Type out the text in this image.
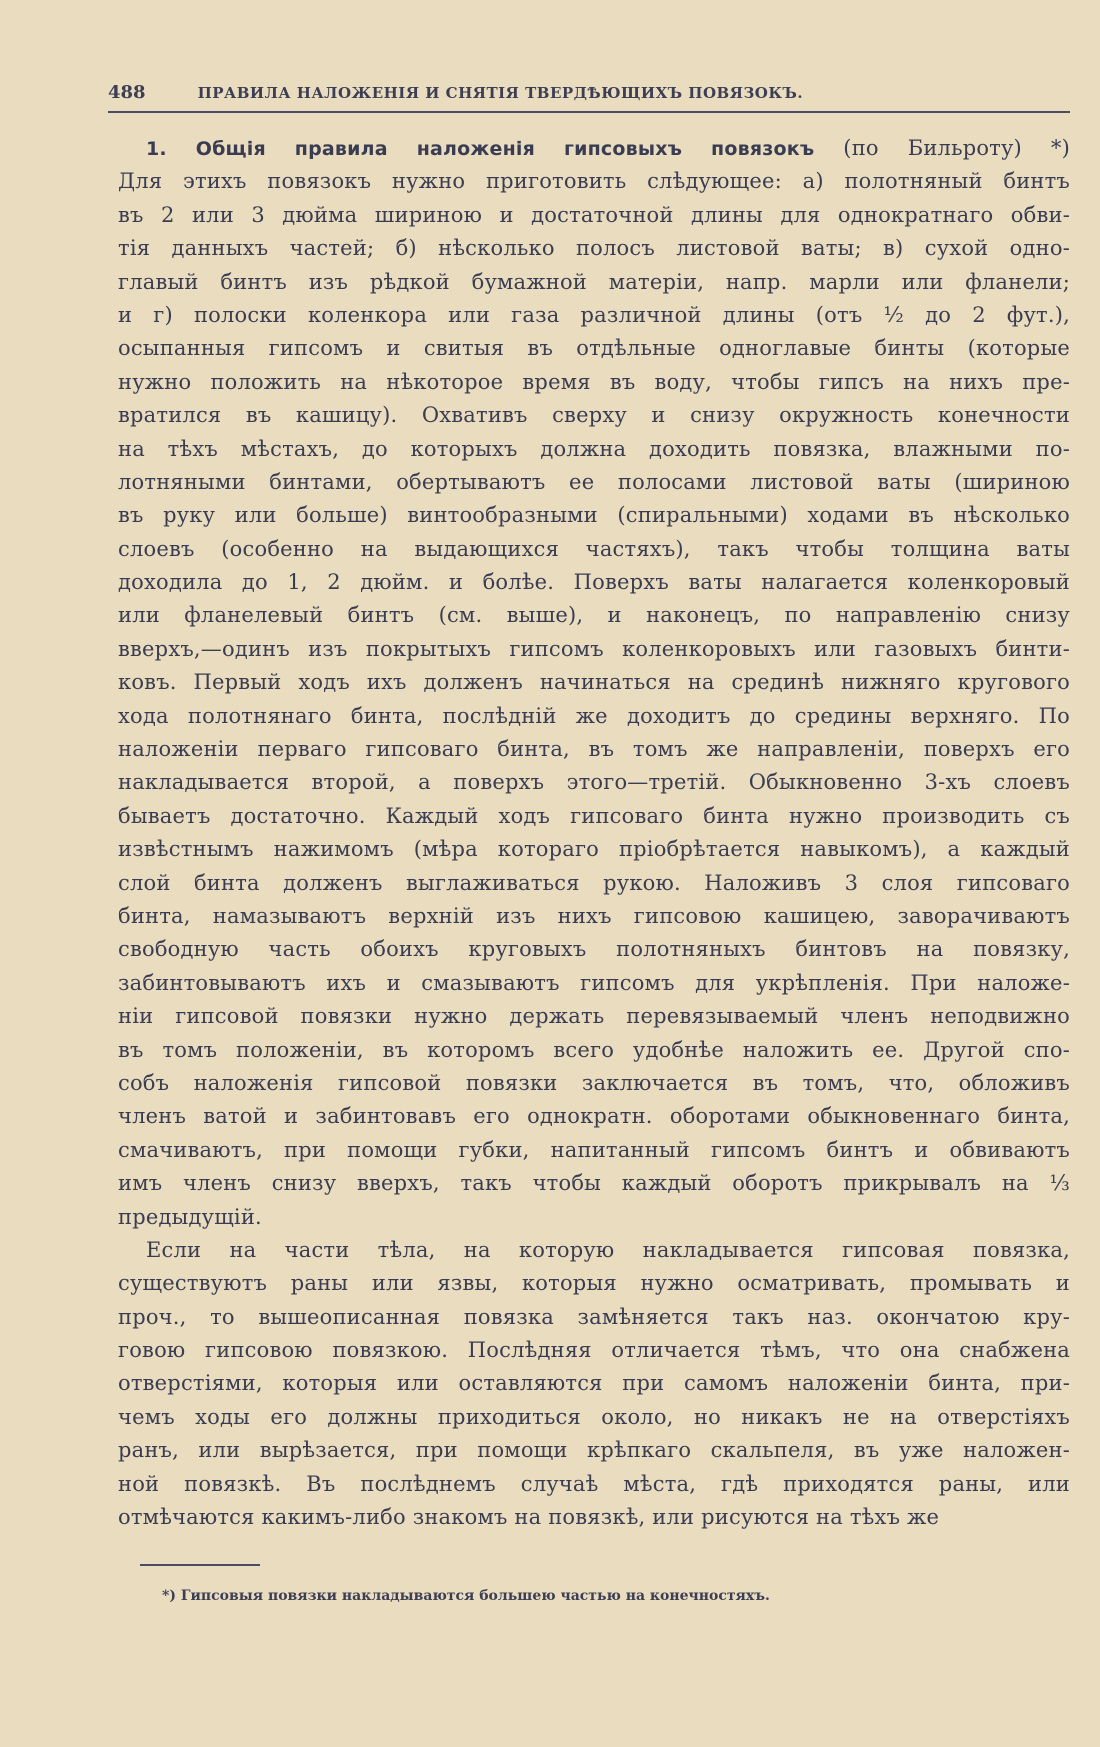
488	ПРАВИЛА НАЛОЖЕНІЯ И СНЯТІЯ ТВЕРДѢЮЩИХЪ ПОВЯЗОКЪ.
1. Общія правила наложенія гипсовыхъ повязокъ (по Бильроту) *)
Для этихъ повязокъ нужно приготовить слѣдующее: а) полотняный бинтъ
въ 2 или 3 дюйма шириною и достаточной длины для однократнаго обви-
тія данныхъ частей; б) нѣсколько полосъ листовой ваты; в) сухой одно-
главый бинтъ изъ рѣдкой бумажной матеріи, напр. марли или фланели;
и г) полоски коленкора или газа различной длины (отъ ½ до 2 фут.),
осыпанныя гипсомъ и свитыя въ отдѣльные одноглавые бинты (которые
нужно положить на нѣкоторое время въ воду, чтобы гипсъ на нихъ пре-
вратился въ кашицу). Охвативъ сверху и снизу окружность конечности
на тѣхъ мѣстахъ, до которыхъ должна доходить повязка, влажными по-
лотняными бинтами, обертываютъ ее полосами листовой ваты (шириною
въ руку или больше) винтообразными (спиральными) ходами въ нѣсколько
слоевъ (особенно на выдающихся частяхъ), такъ чтобы толщина ваты
доходила до 1, 2 дюйм. и болѣе. Поверхъ ваты налагается коленкоровый
или фланелевый бинтъ (см. выше), и наконецъ, по направленію снизу
вверхъ,—одинъ изъ покрытыхъ гипсомъ коленкоровыхъ или газовыхъ бинти-
ковъ. Первый ходъ ихъ долженъ начинаться на срединѣ нижняго кругового
хода полотнянаго бинта, послѣдній же доходитъ до средины верхняго. По
наложеніи перваго гипсоваго бинта, въ томъ же направленіи, поверхъ его
накладывается второй, а поверхъ этого—третій. Обыкновенно 3-хъ слоевъ
бываетъ достаточно. Каждый ходъ гипсоваго бинта нужно производить съ
извѣстнымъ нажимомъ (мѣра котораго пріобрѣтается навыкомъ), а каждый
слой бинта долженъ выглаживаться рукою. Наложивъ 3 слоя гипсоваго
бинта, намазываютъ верхній изъ нихъ гипсовою кашицею, заворачиваютъ
свободную часть обоихъ круговыхъ полотняныхъ бинтовъ на повязку,
забинтовываютъ ихъ и смазываютъ гипсомъ для укрѣпленія. При наложе-
ніи гипсовой повязки нужно держать перевязываемый членъ неподвижно
въ томъ положеніи, въ которомъ всего удобнѣе наложить ее. Другой спо-
собъ наложенія гипсовой повязки заключается въ томъ, что, обложивъ
членъ ватой и забинтовавъ его однократн. оборотами обыкновеннаго бинта,
смачиваютъ, при помощи губки, напитанный гипсомъ бинтъ и обвиваютъ
имъ членъ снизу вверхъ, такъ чтобы каждый оборотъ прикрывалъ на ⅓
предыдущій.
Если на части тѣла, на которую накладывается гипсовая повязка,
существуютъ раны или язвы, которыя нужно осматривать, промывать и
проч., то вышеописанная повязка замѣняется такъ наз. окончатою кру-
говою гипсовою повязкою. Послѣдняя отличается тѣмъ, что она снабжена
отверстіями, которыя или оставляются при самомъ наложеніи бинта, при-
чемъ ходы его должны приходиться около, но никакъ не на отверстіяхъ
ранъ, или вырѣзается, при помощи крѣпкаго скальпеля, въ уже наложен-
ной повязкѣ. Въ послѣднемъ случаѣ мѣста, гдѣ приходятся раны, или
отмѣчаются какимъ-либо знакомъ на повязкѣ, или рисуются на тѣхъ же
*) Гипсовыя повязки накладываются большею частью на конечностяхъ.
